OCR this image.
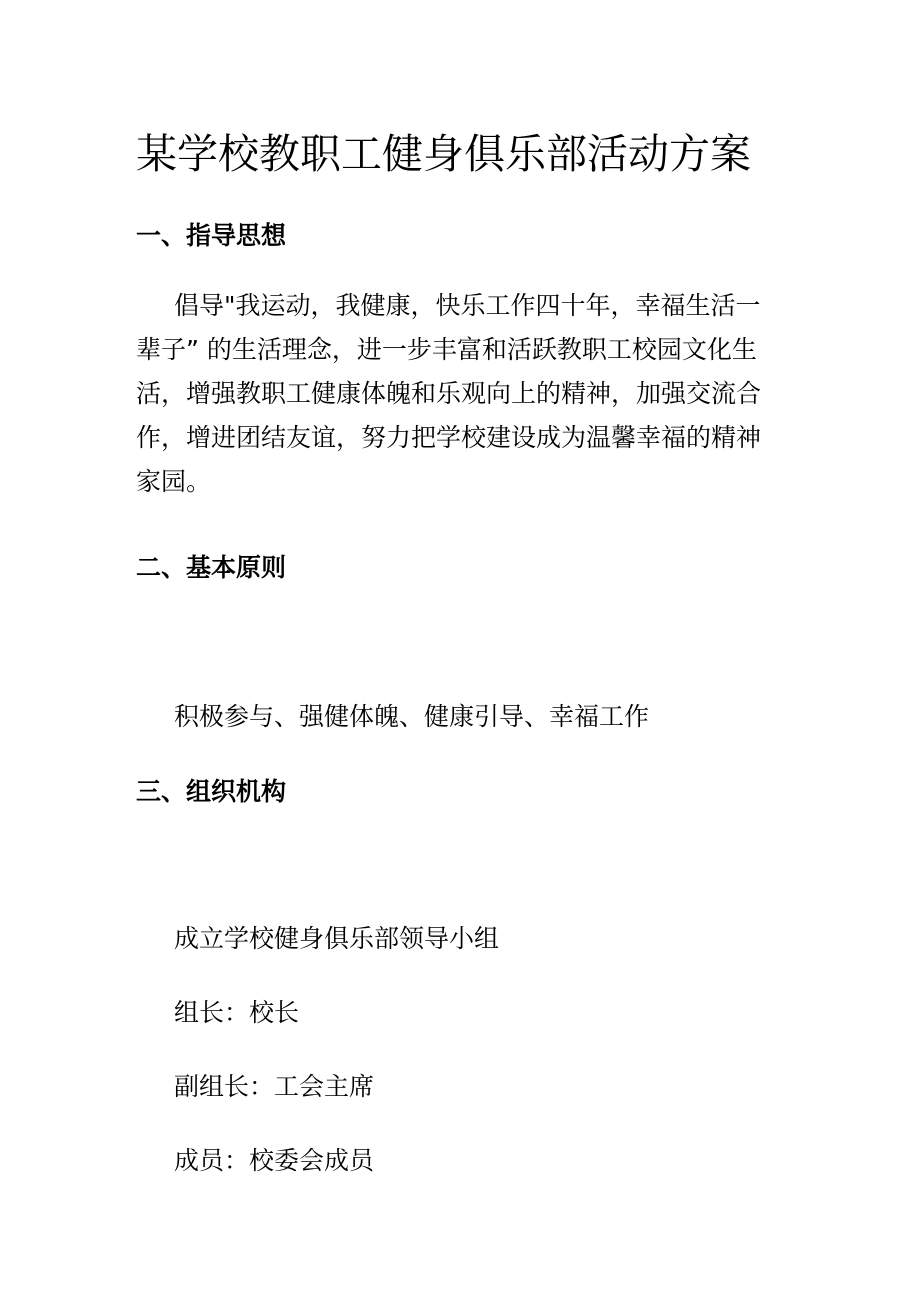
某学校教职工健身俱乐部活动方案
一、指导思想

倡导"我运动，我健康，快乐工作四十年，幸福生活一
辈子” 的生活理念，进一步丰富和活跃教职工校园文化生
活，增强教职工健康体魄和乐观向上的精神，加强交流合
作，增进团结友谊，努力把学校建设成为温馨幸福的精神
家园。

二、基本原则

积极参与、强健体魄、健康引导、幸福工作

三、组织机构

成立学校健身俱乐部领导小组

组长：校长

副组长：工会主席

成员：校委会成员
